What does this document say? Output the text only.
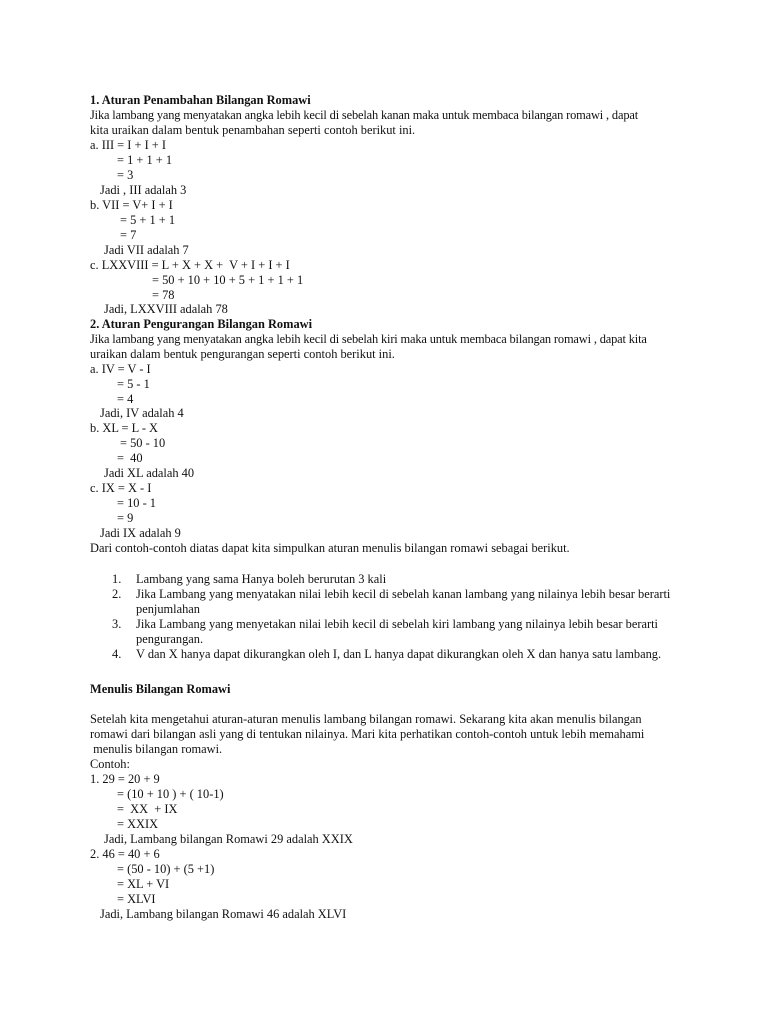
1. Aturan Penambahan Bilangan Romawi
Jika lambang yang menyatakan angka lebih kecil di sebelah kanan maka untuk membaca bilangan romawi , dapat
kita uraikan dalam bentuk penambahan seperti contoh berikut ini.
a. III = I + I + I
= 1 + 1 + 1
= 3
Jadi , III adalah 3
b. VII = V+ I + I
= 5 + 1 + 1
= 7
Jadi VII adalah 7
c. LXXVIII = L + X + X +  V + I + I + I
= 50 + 10 + 10 + 5 + 1 + 1 + 1
= 78
Jadi, LXXVIII adalah 78
2. Aturan Pengurangan Bilangan Romawi
Jika lambang yang menyatakan angka lebih kecil di sebelah kiri maka untuk membaca bilangan romawi , dapat kita
uraikan dalam bentuk pengurangan seperti contoh berikut ini.
a. IV = V - I
= 5 - 1
= 4
Jadi, IV adalah 4
b. XL = L - X
= 50 - 10
=  40
Jadi XL adalah 40
c. IX = X - I
= 10 - 1
= 9
Jadi IX adalah 9
Dari contoh-contoh diatas dapat kita simpulkan aturan menulis bilangan romawi sebagai berikut.
1. Lambang yang sama Hanya boleh berurutan 3 kali
2. Jika Lambang yang menyatakan nilai lebih kecil di sebelah kanan lambang yang nilainya lebih besar berarti
penjumlahan
3. Jika Lambang yang menyetakan nilai lebih kecil di sebelah kiri lambang yang nilainya lebih besar berarti
pengurangan.
4. V dan X hanya dapat dikurangkan oleh I, dan L hanya dapat dikurangkan oleh X dan hanya satu lambang.
Menulis Bilangan Romawi
Setelah kita mengetahui aturan-aturan menulis lambang bilangan romawi. Sekarang kita akan menulis bilangan
romawi dari bilangan asli yang di tentukan nilainya. Mari kita perhatikan contoh-contoh untuk lebih memahami
menulis bilangan romawi.
Contoh:
1. 29 = 20 + 9
= (10 + 10 ) + ( 10-1)
=  XX  + IX
= XXIX
Jadi, Lambang bilangan Romawi 29 adalah XXIX
2. 46 = 40 + 6
= (50 - 10) + (5 +1)
= XL + VI
= XLVI
Jadi, Lambang bilangan Romawi 46 adalah XLVI
